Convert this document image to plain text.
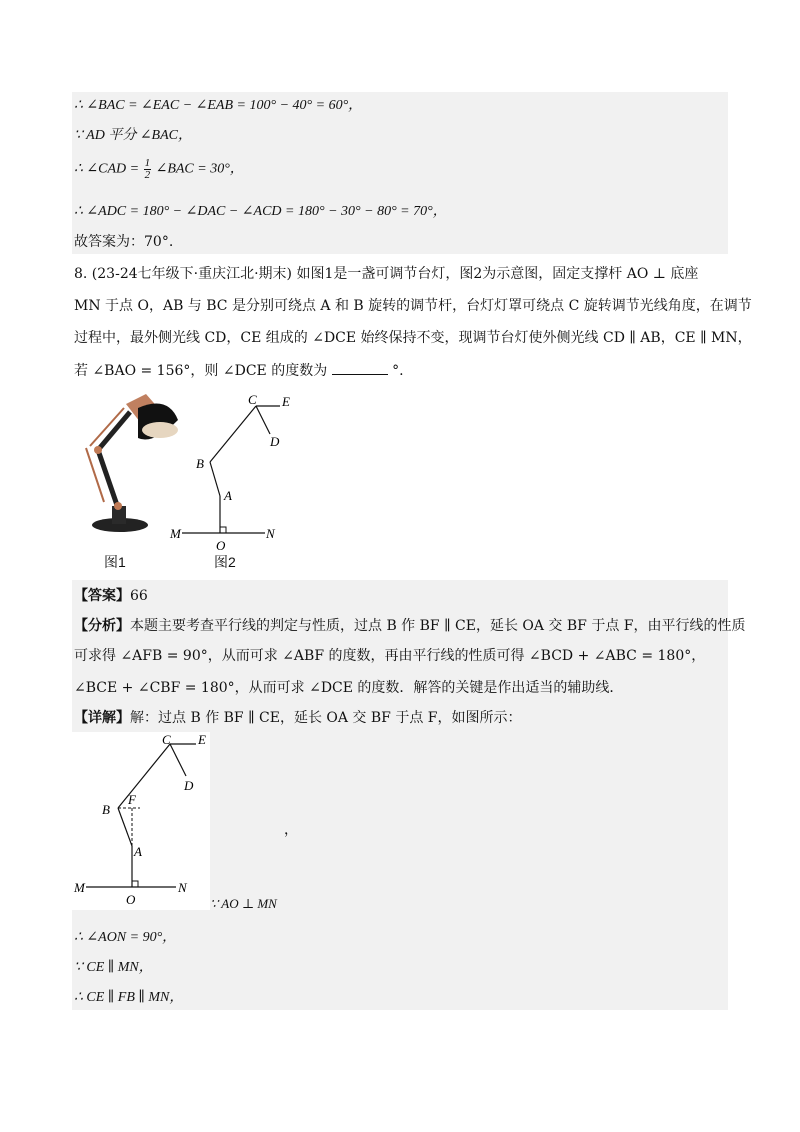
∴ ∠BAC = ∠EAC − ∠EAB = 100° − 40° = 60°，
∵ AD 平分 ∠BAC，
∴ ∠CAD = $\frac{1}{2}$ ∠BAC = 30°，
∴ ∠ADC = 180° − ∠DAC − ∠ACD = 180° − 30° − 80° = 70°，
故答案为：70°.
8. (23-24七年级下·重庆江北·期末) 如图1是一盏可调节台灯，图2为示意图，固定支撑杆 AO ⊥ 底座
MN 于点 O，AB 与 BC 是分别可绕点 A 和 B 旋转的调节杆，台灯灯罩可绕点 C 旋转调节光线角度，在调节
过程中，最外侧光线 CD，CE 组成的 ∠DCE 始终保持不变，现调节台灯使外侧光线 CD ∥ AB，CE ∥ MN，
若 ∠BAO = 156°，则 ∠DCE 的度数为	°.
图1
C E
D
B
A
M	N
O
图2
【答案】66
【分析】本题主要考查平行线的判定与性质，过点 B 作 BF ∥ CE，延长 OA 交 BF 于点 F，由平行线的性质
可求得 ∠AFB = 90°，从而可求 ∠ABF 的度数，再由平行线的性质可得 ∠BCD + ∠ABC = 180°，
∠BCE + ∠CBF = 180°，从而可求 ∠DCE 的度数．解答的关键是作出适当的辅助线．
【详解】解：过点 B 作 BF ∥ CE，延长 OA 交 BF 于点 F，如图所示：
C E
D
B
F
A
M	N
O
，
∵ AO ⊥ MN
∴ ∠AON = 90°，
∵ CE ∥ MN，
∴ CE ∥ FB ∥ MN，
